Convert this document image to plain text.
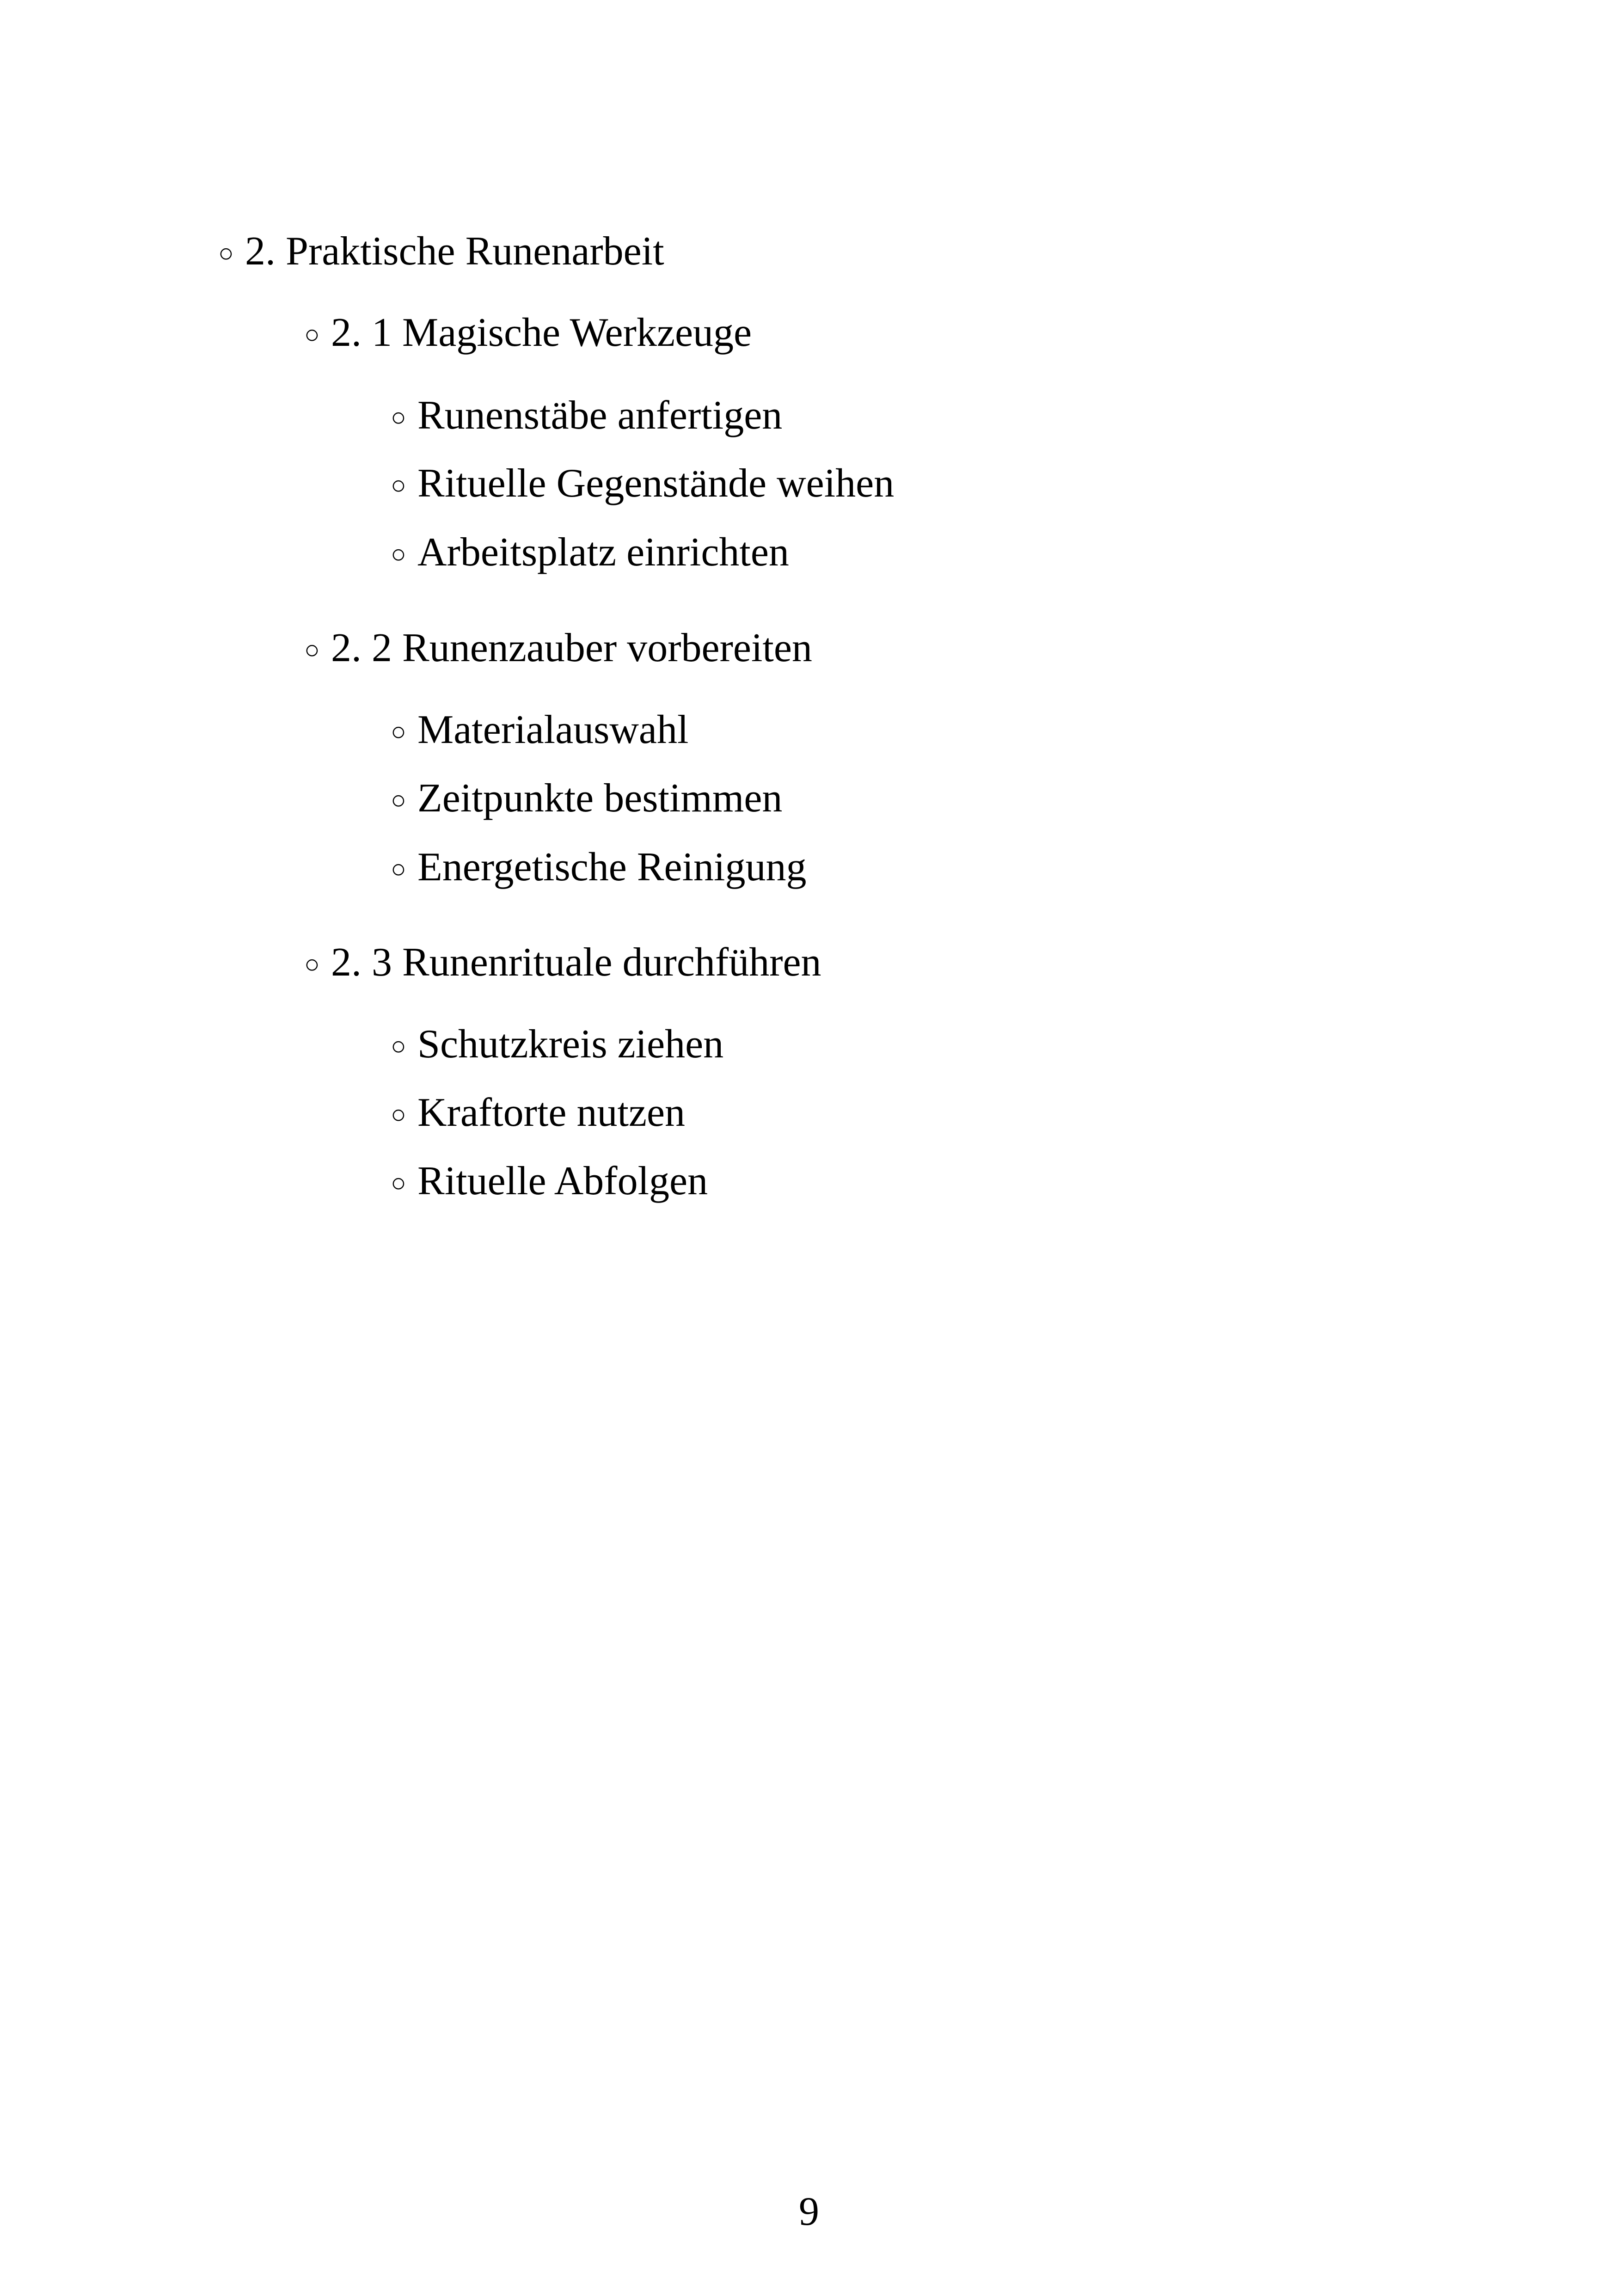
○ 2. Praktische Runenarbeit
○ 2. 1 Magische Werkzeuge
○ Runenstäbe anfertigen
○ Rituelle Gegenstände weihen
○ Arbeitsplatz einrichten
○ 2. 2 Runenzauber vorbereiten
○ Materialauswahl
○ Zeitpunkte bestimmen
○ Energetische Reinigung
○ 2. 3 Runenrituale durchführen
○ Schutzkreis ziehen
○ Kraftorte nutzen
○ Rituelle Abfolgen
9
